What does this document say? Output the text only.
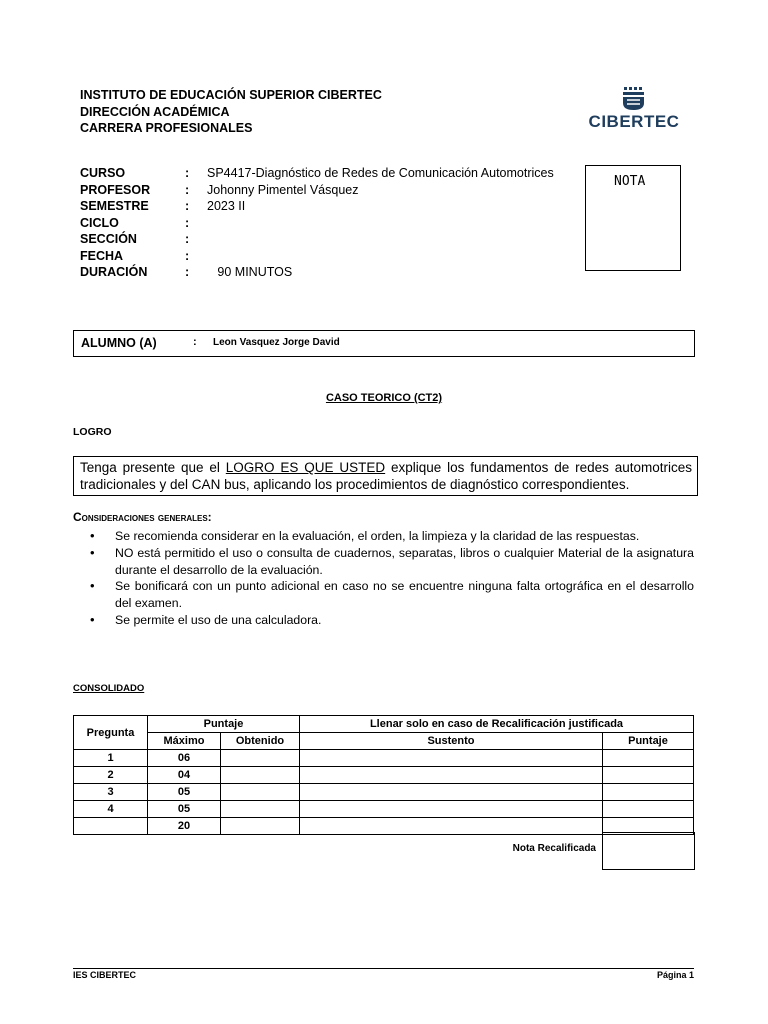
INSTITUTO DE EDUCACIÓN SUPERIOR CIBERTEC
DIRECCIÓN ACADÉMICA
CARRERA PROFESIONALES	CIBERTEC
CURSO	:	SP4417-Diagnóstico de Redes de Comunicación Automotrices
PROFESOR	:	Johonny Pimentel Vásquez
SEMESTRE	:	2023 II
CICLO	:
SECCIÓN	:
FECHA	:
DURACIÓN	:	90 MINUTOS
NOTA
ALUMNO (A)	: Leon Vasquez Jorge David
CASO TEORICO (CT2)
LOGRO
Tenga presente que el LOGRO ES QUE USTED explique los fundamentos de redes automotrices tradicionales y del CAN bus, aplicando los procedimientos de diagnóstico correspondientes.
Consideraciones generales:
• Se recomienda considerar en la evaluación, el orden, la limpieza y la claridad de las respuestas.
• NO está permitido el uso o consulta de cuadernos, separatas, libros o cualquier Material de la asignatura durante el desarrollo de la evaluación.
• Se bonificará con un punto adicional en caso no se encuentre ninguna falta ortográfica en el desarrollo del examen.
• Se permite el uso de una calculadora.
CONSOLIDADO
Pregunta	Puntaje		Llenar solo en caso de Recalificación justificada	
	Máximo	Obtenido	Sustento	Puntaje
1	06			
2	04			
3	05			
4	05			
	20			
Nota Recalificada
IES CIBERTEC	Página 1
